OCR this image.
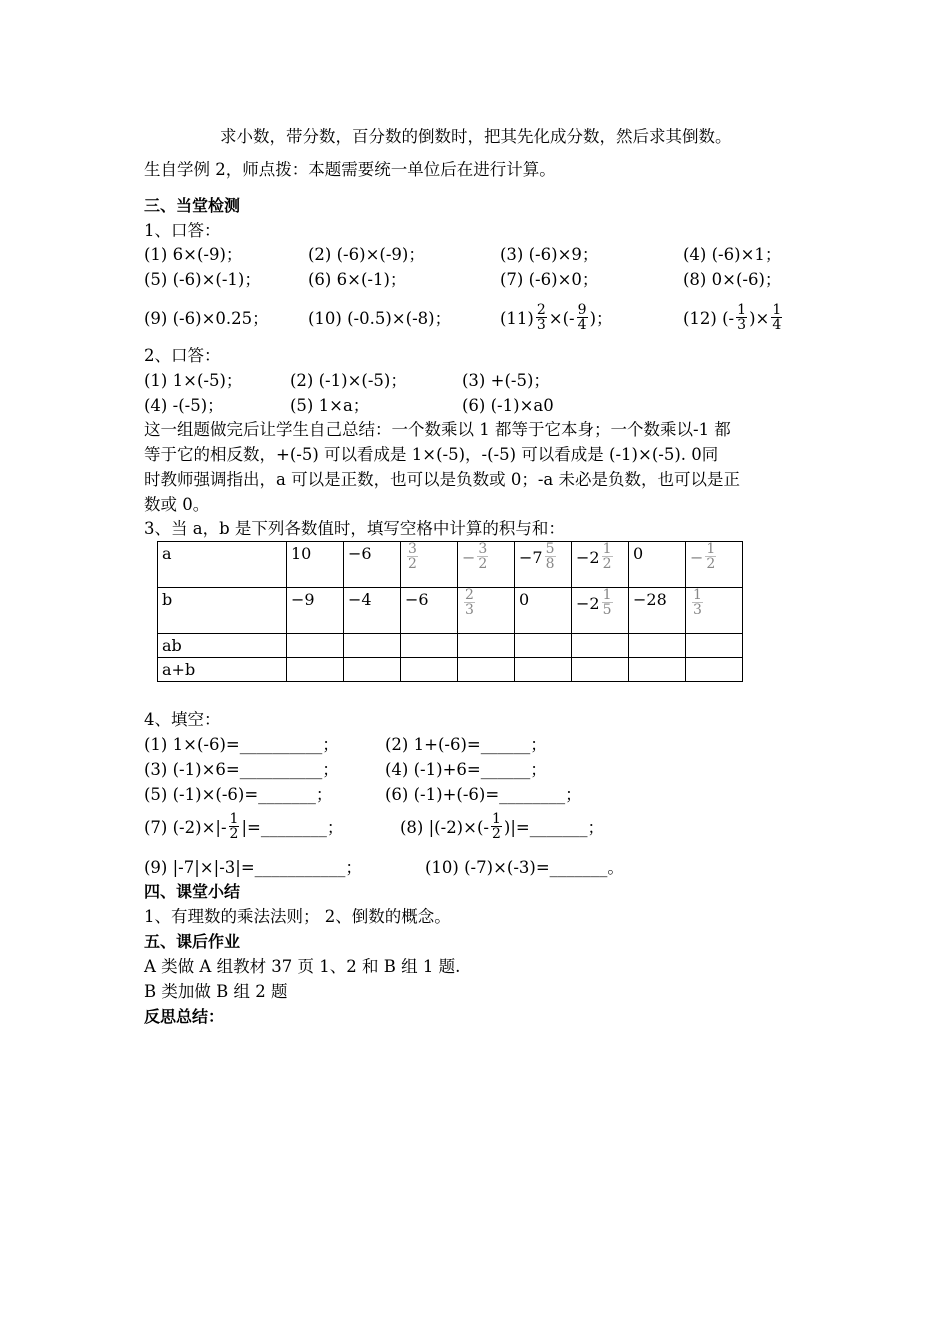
求小数，带分数，百分数的倒数时，把其先化成分数，然后求其倒数。
生自学例 2，师点拨：本题需要统一单位后在进行计算。
三、当堂检测
1、口答：
(1) 6×(-9)；	(2) (-6)×(-9)；	(3) (-6)×9；	(4) (-6)×1；
(5) (-6)×(-1)；	(6) 6×(-1)；	(7) (-6)×0；	(8) 0×(-6)；
(9) (-6)×0.25； (10) (-0.5)×(-8)；	$(11) \frac{2}{3}$ ×(- $\frac{9}{4}$ )；	(12) (- $\frac{1}{3}$ )× $\frac{1}{4}$
2、口答：
(1) 1×(-5)；	(2) (-1)×(-5)；	(3) +(-5)；
(4) -(-5)；	(5) 1×a；	(6) (-1)×a0
这一组题做完后让学生自己总结：一个数乘以 1 都等于它本身；一个数乘以-1 都
等于它的相反数，+(-5) 可以看成是 1×(-5)，-(-5) 可以看成是 (-1)×(-5). 0同
时教师强调指出，a 可以是正数，也可以是负数或 0；-a 未必是负数，也可以是正
数或 0。
3、当 a，b 是下列各数值时，填写空格中计算的积与和：
a	10	−6	$\frac{3}{2}$	− $\frac{3}{2}$	$-7 \frac{5}{8}$	$-2 \frac{1}{2}$	0	− $\frac{1}{2}$

b	−9	−4	−6	$\frac{2}{3}$	0	$-2 \frac{1}{5}$	−28	$\frac{1}{3}$

ab								
a+b								
4、填空：
(1) 1×(-6)=__________；	(2) 1+(-6)=______；
(3) (-1)×6=__________；	(4) (-1)+6=______；
(5) (-1)×(-6)=_______；	(6) (-1)+(-6)=________；
(7) $(-2)\times|- \frac{1}{2}$ |=________；	(8) $|(-2)\times(- \frac{1}{2}$ )|=_______；
(9) |-7|×|-3|=___________；	(10) (-7)×(-3)=_______。
四、课堂小结
1、有理数的乘法法则； 2、倒数的概念。
五、课后作业
A 类做 A 组教材 37 页 1、2 和 B 组 1 题.
B 类加做 B 组 2 题
反思总结：
